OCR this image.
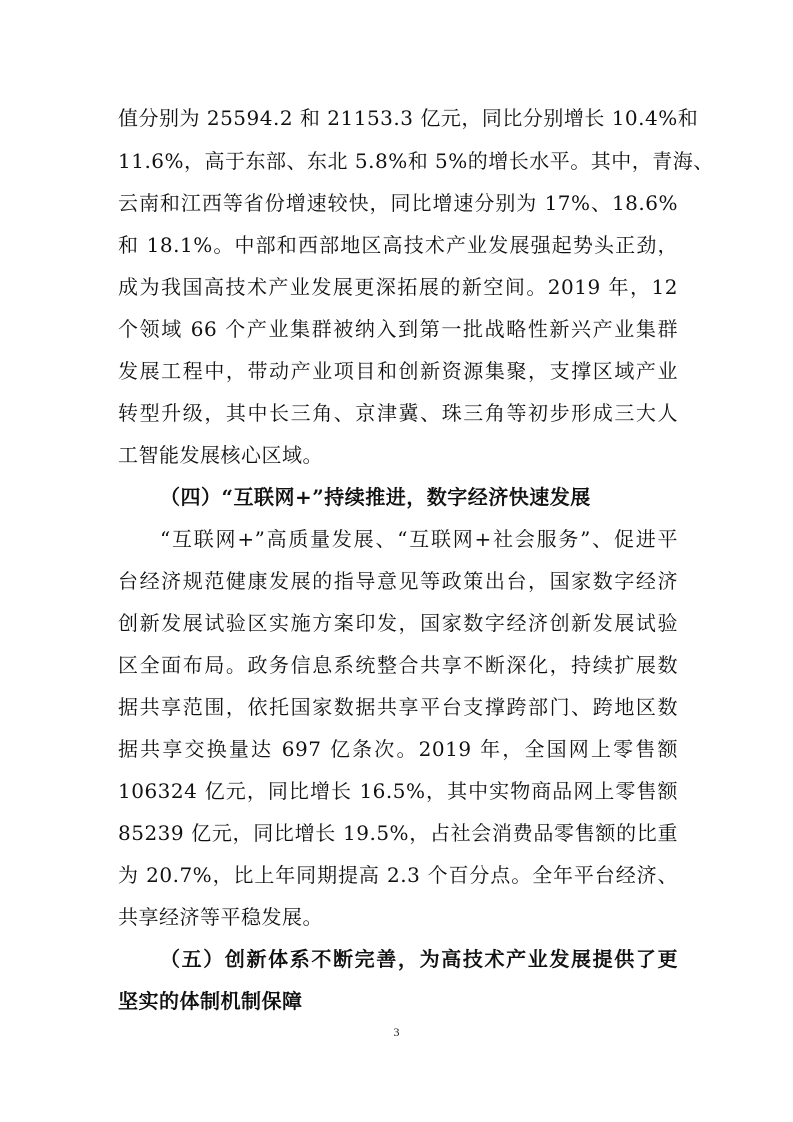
值分别为 25594.2 和 21153.3 亿元，同比分别增长 10.4%和
11.6%，高于东部、东北 5.8%和 5%的增长水平。其中，青海、
云南和江西等省份增速较快，同比增速分别为 17%、18.6%
和 18.1%。中部和西部地区高技术产业发展强起势头正劲，
成为我国高技术产业发展更深拓展的新空间。2019 年，12
个领域 66 个产业集群被纳入到第一批战略性新兴产业集群
发展工程中，带动产业项目和创新资源集聚，支撑区域产业
转型升级，其中长三角、京津冀、珠三角等初步形成三大人
工智能发展核心区域。
（四）“互联网+”持续推进，数字经济快速发展
“互联网+”高质量发展、“互联网+社会服务”、促进平
台经济规范健康发展的指导意见等政策出台，国家数字经济
创新发展试验区实施方案印发，国家数字经济创新发展试验
区全面布局。政务信息系统整合共享不断深化，持续扩展数
据共享范围，依托国家数据共享平台支撑跨部门、跨地区数
据共享交换量达 697 亿条次。2019 年，全国网上零售额
106324 亿元，同比增长 16.5%，其中实物商品网上零售额
85239 亿元，同比增长 19.5%，占社会消费品零售额的比重
为 20.7%，比上年同期提高 2.3 个百分点。全年平台经济、
共享经济等平稳发展。
（五）创新体系不断完善，为高技术产业发展提供了更
坚实的体制机制保障
3
